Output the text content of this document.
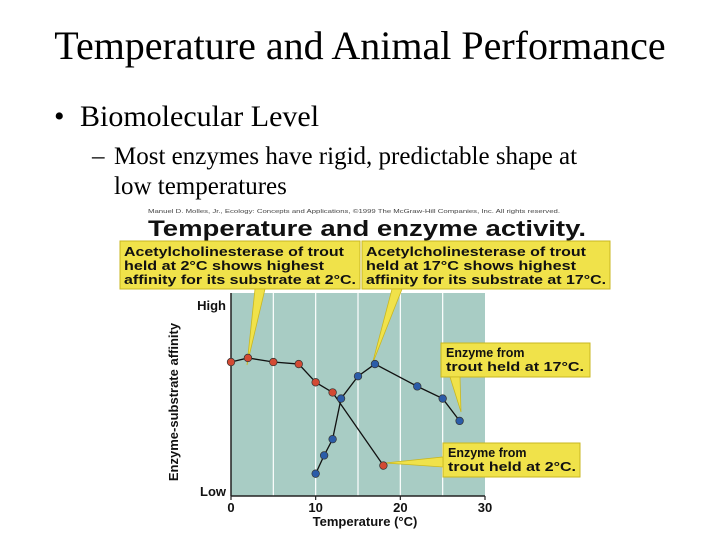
Temperature and Animal Performance
• Biomolecular Level
– Most enzymes have rigid, predictable shape at
low temperatures
Manuel D. Molles, Jr., Ecology: Concepts and Applications, ©1999 The McGraw-Hill Companies, Inc. All rights reserved.
Temperature and enzyme activity.
Acetylcholinesterase of trout
held at 2°C shows highest
affinity for its substrate at 2°C.
Acetylcholinesterase of trout
held at 17°C shows highest
affinity for its substrate at 17°C.
Enzyme from
trout held at 17°C.
Enzyme from
trout held at 2°C.
Enzyme-substrate affinity
High
Low
Temperature (°C)
0	10	20	30
